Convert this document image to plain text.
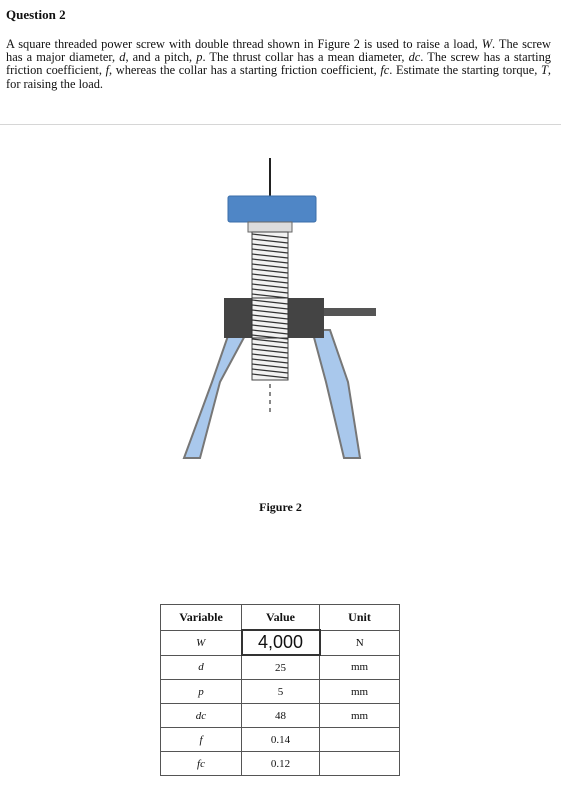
Question 2
A square threaded power screw with double thread shown in Figure 2 is used to raise a load, W. The screw has a major diameter, d, and a pitch, p. The thrust collar has a mean diameter, dc. The screw has a starting friction coefficient, f, whereas the collar has a starting friction coefficient, fc. Estimate the starting torque, T, for raising the load.
Figure 2
Variable	Value	Unit
W	4,000	N
d	25	mm
p	5	mm
dc	48	mm
f	0.14	
fc	0.12	
